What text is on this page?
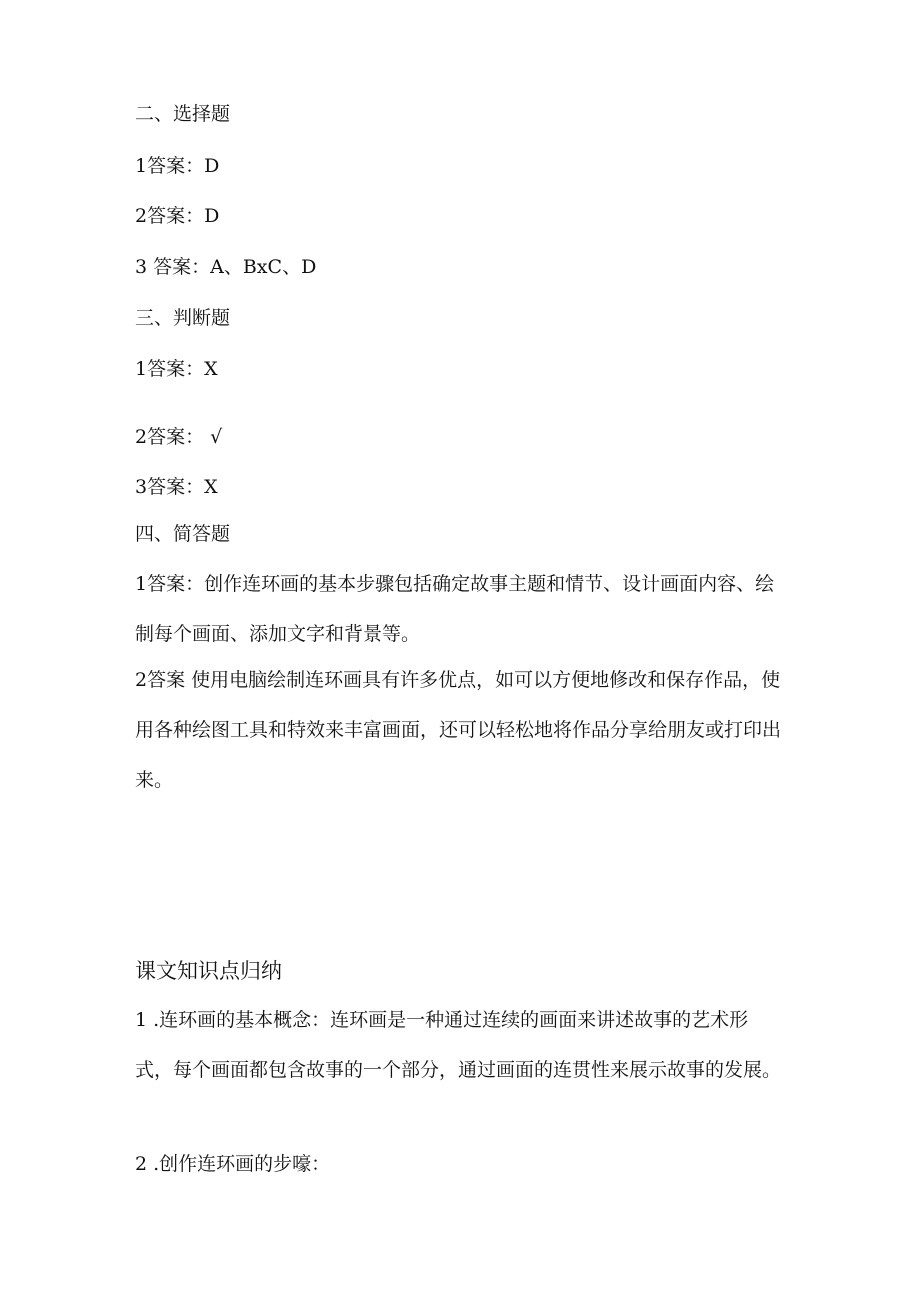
二、选择题
1答案：D
2答案：D
3 答案：A、BxC、D
三、判断题
1答案：X
2答案： √
3答案：X
四、简答题
1答案：创作连环画的基本步骤包括确定故事主题和情节、设计画面内容、绘制每个画面、添加文字和背景等。
2答案 使用电脑绘制连环画具有许多优点，如可以方便地修改和保存作品，使用各种绘图工具和特效来丰富画面，还可以轻松地将作品分享给朋友或打印出来。
课文知识点归纳
1 .连环画的基本概念：连环画是一种通过连续的画面来讲述故事的艺术形式，每个画面都包含故事的一个部分，通过画面的连贯性来展示故事的发展。
2 .创作连环画的步嚎：
